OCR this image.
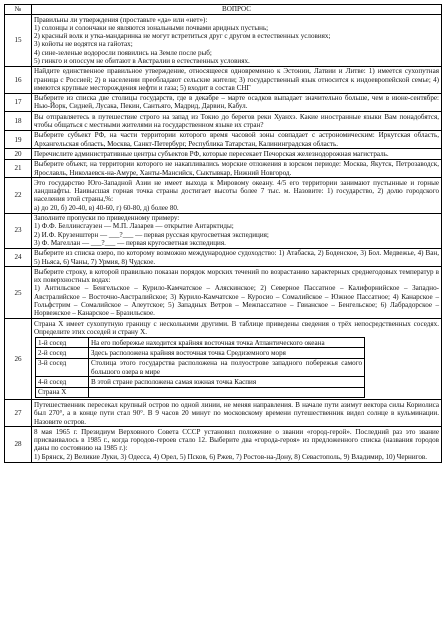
№	ВОПРОС
15	
Правильны ли утверждения (проставьте «да» или «нет»):
1) солонцы и солончаки не являются зональными почвами аридных пустынь;
2) красный волк и утка-мандаринка не могут встретиться друг с другом в естественных условиях;
3) койоты не водятся на гайотах;
4) сине-зеленые водоросли появились на Земле после рыб;
5) гинкго и опоссум не обитают в Австралии в естественных условиях.

16	
Найдите единственное правильное утверждение, относящееся одновременно к Эстонии, Латвии и Литве: 1) имеется сухопутная граница с Россией; 2) в населении преобладают сельские жители; 3) государственный язык относится к индоевропейской семье; 4) имеются крупные месторождения нефти и газа; 5) входит в состав СНГ

17	
Выберите из списка две столицы государств, где в декабре – марте осадков выпадает значительно больше, чем в июне-сентябре: Нью-Йорк, Сидней, Лусака, Пекин, Сантьяго, Мадрид, Дарвин, Кабул.

18	
Вы отправляетесь в путешествие строго на запад из Токио до берегов реки Хуанхэ. Какие иностранные языки Вам понадобятся, чтобы общаться с местными жителями на государственном языке их стран?

19	
Выберите субъект РФ, на части территории которого время часовой зоны совпадает с астрономическим: Иркутская область, Архангельская область, Москва, Санкт-Петербург, Республика Татарстан, Калининградская область.

20	Перечислите административные центры субъектов РФ, которые пересекает Печорская железнодорожная магистраль.

21	
Выберите объект, на территории которого не накапливались морские отложения в юрском периоде: Москва, Якутск, Петрозаводск, Ярославль, Николаевск-на-Амуре, Ханты-Мансийск, Сыктывкар, Нижний Новгород.

22	
Это государство Юго-Западной Азии не имеет выхода к Мировому океану. 4/5 его территории занимают пустынные и горные ландшафты. Наивысшая горная точка страны достигает высоты более 7 тыс. м. Назовите: 1) государство, 2) долю городского населения этой страны,%:
а) до 20, б) 20-40, в) 40-60, г) 60-80, д) более 80.

23	
Заполните пропуски по приведенному примеру:
1) Ф.Ф. Беллинсгаузен — М.П. Лазарев — открытие Антарктиды;
2) И.Ф. Крузенштерн — ___?___ — первая русская кругосветная экспедиция;
3) Ф. Магеллан — ___?___ — первая кругосветная экспедиция.

24	
Выберите из списка озеро, по которому возможно международное судоходство: 1) Атабаска, 2) Боденское, 3) Бол. Медвежье, 4) Ван, 5) Ньяса, 6) Чаны, 7) Урмия, 8) Чудское.

25	
Выберите строку, в которой правильно показан порядок морских течений по возрастанию характерных среднегодовых температур в их поверхностных водах:
1) Антильское – Бенгельское – Курило-Камчатское – Аляскинское; 2) Северное Пассатное – Калифорнийское – Западно-Австралийское – Восточно-Австралийское; 3) Курило-Камчатское – Куросио – Сомалийское – Южное Пассатное; 4) Канарское – Гольфстрим – Сомалийское – Алеутское; 5) Западных Ветров – Межпассатное – Гвианское – Бенгельское; 6) Лабрадорское – Норвежское – Канарское – Бразильское.

26	
Страна Х имеет сухопутную границу с несколькими другими. В таблице приведены сведения о трёх непосредственных соседях. Определите этих соседей и страну Х.
1-й сосед	На его побережье находится крайняя восточная точка Атлантического океана
2-й сосед	Здесь расположена крайняя восточная точка Средиземного моря
3-й сосед	Столица этого государства расположена на полуострове западного побережья самого большого озера в мире
4-й сосед	В этой стране расположена самая южная точка Каспия
Страна Х	

27	
Путешественник пересекал крупный остров по одной линии, не меняя направления. В начале пути азимут вектора силы Кориолиса был 270°, а в конце пути стал 90°. В 9 часов 20 минут по московскому времени путешественник видел солнце в кульминации. Назовите остров.

28	
8 мая 1965 г. Президиум Верховного Совета СССР установил положение о звании «город-герой». Последний раз это звание присваивалось в 1985 г., когда городов-героев стало 12. Выберите два «города-героя» из предложенного списка (названия городов даны по состоянию на 1985 г.):
1) Брянск, 2) Великие Луки, 3) Одесса, 4) Орел, 5) Псков, 6) Ржев, 7) Ростов-на-Дону, 8) Севастополь, 9) Владимир, 10) Чернигов.
